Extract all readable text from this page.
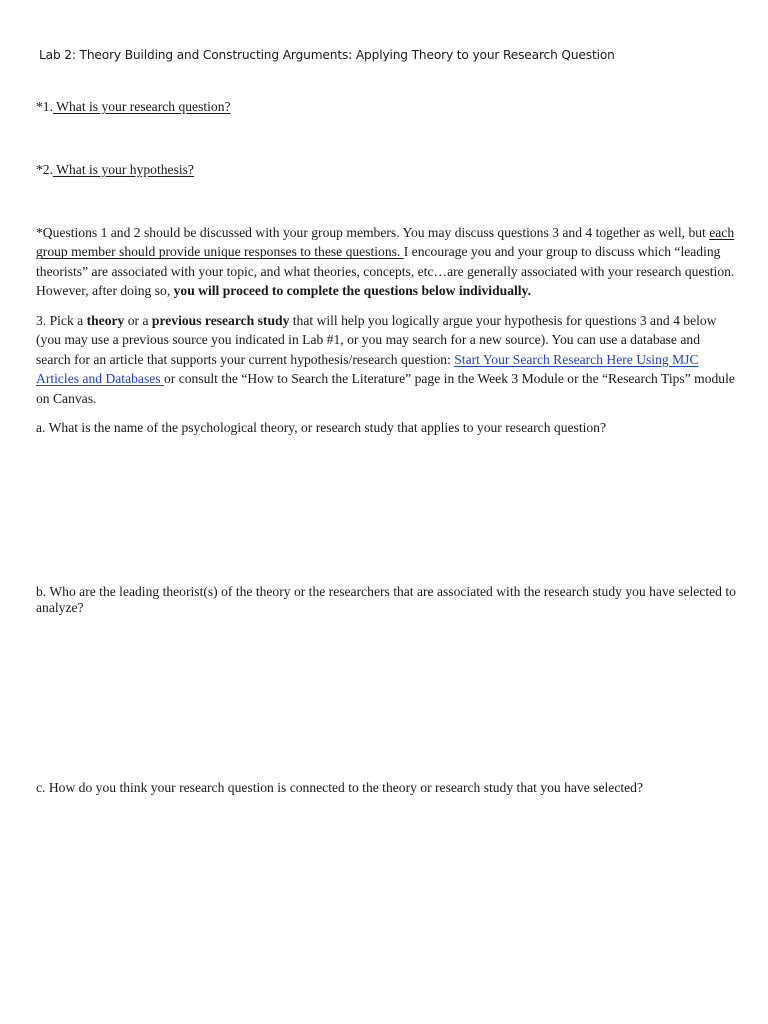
Lab 2: Theory Building and Constructing Arguments: Applying Theory to your Research Question

*1. What is your research question?

*2. What is your hypothesis?

*Questions 1 and 2 should be discussed with your group members. You may discuss questions 3 and 4 together as well, but each group member should provide unique responses to these questions. I encourage you and your group to discuss which “leading theorists” are associated with your topic, and what theories, concepts, etc…are generally associated with your research question. However, after doing so, you will proceed to complete the questions below individually.

3. Pick a theory or a previous research study that will help you logically argue your hypothesis for questions 3 and 4 below (you may use a previous source you indicated in Lab #1, or you may search for a new source). You can use a database and search for an article that supports your current hypothesis/research question: Start Your Search Research Here Using MJC Articles and Databases or consult the “How to Search the Literature” page in the Week 3 Module or the “Research Tips” module on Canvas.

a. What is the name of the psychological theory, or research study that applies to your research question?

b. Who are the leading theorist(s) of the theory or the researchers that are associated with the research study you have selected to analyze?

c. How do you think your research question is connected to the theory or research study that you have selected?
